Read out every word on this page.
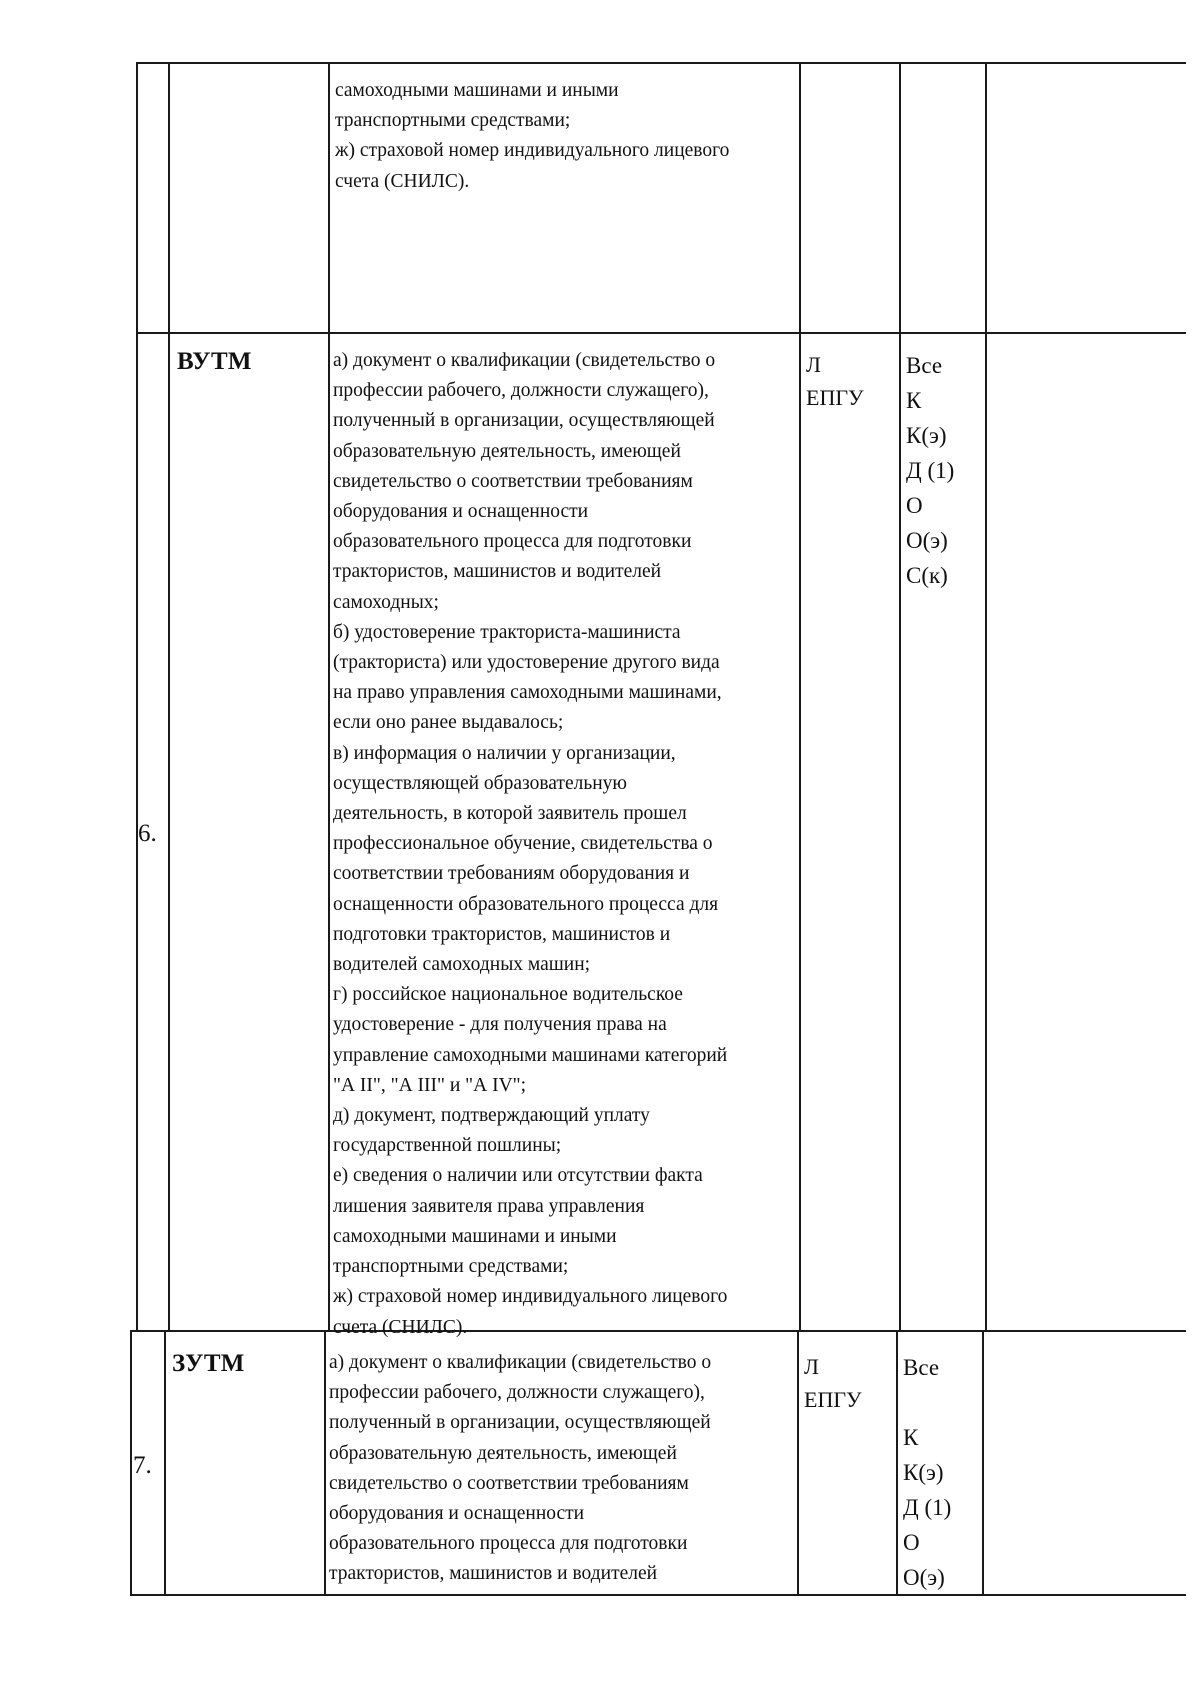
самоходными машинами и иными
транспортными средствами;
ж) страховой номер индивидуального лицевого
счета (СНИЛС).
6.
ВУТМ	а) документ о квалификации (свидетельство о
профессии рабочего, должности служащего),
полученный в организации, осуществляющей
образовательную деятельность, имеющей
свидетельство о соответствии требованиям
оборудования и оснащенности
образовательного процесса для подготовки
трактористов, машинистов и водителей
самоходных;
б) удостоверение тракториста-машиниста
(тракториста) или удостоверение другого вида
на право управления самоходными машинами,
если оно ранее выдавалось;
в) информация о наличии у организации,
осуществляющей образовательную
деятельность, в которой заявитель прошел
профессиональное обучение, свидетельства о
соответствии требованиям оборудования и
оснащенности образовательного процесса для
подготовки трактористов, машинистов и
водителей самоходных машин;
г) российское национальное водительское
удостоверение - для получения права на
управление самоходными машинами категорий
"А II", "А III" и "А IV";
д) документ, подтверждающий уплату
государственной пошлины;
е) сведения о наличии или отсутствии факта
лишения заявителя права управления
самоходными машинами и иными
транспортными средствами;
ж) страховой номер индивидуального лицевого
счета (СНИЛС).
Л
ЕПГУ
Все
К
К(э)
Д (1)
О
О(э)
С(к)
7.
ЗУТМ	а) документ о квалификации (свидетельство о
профессии рабочего, должности служащего),
полученный в организации, осуществляющей
образовательную деятельность, имеющей
свидетельство о соответствии требованиям
оборудования и оснащенности
образовательного процесса для подготовки
трактористов, машинистов и водителей
Л
ЕПГУ
Все
К
К(э)
Д (1)
О
О(э)
